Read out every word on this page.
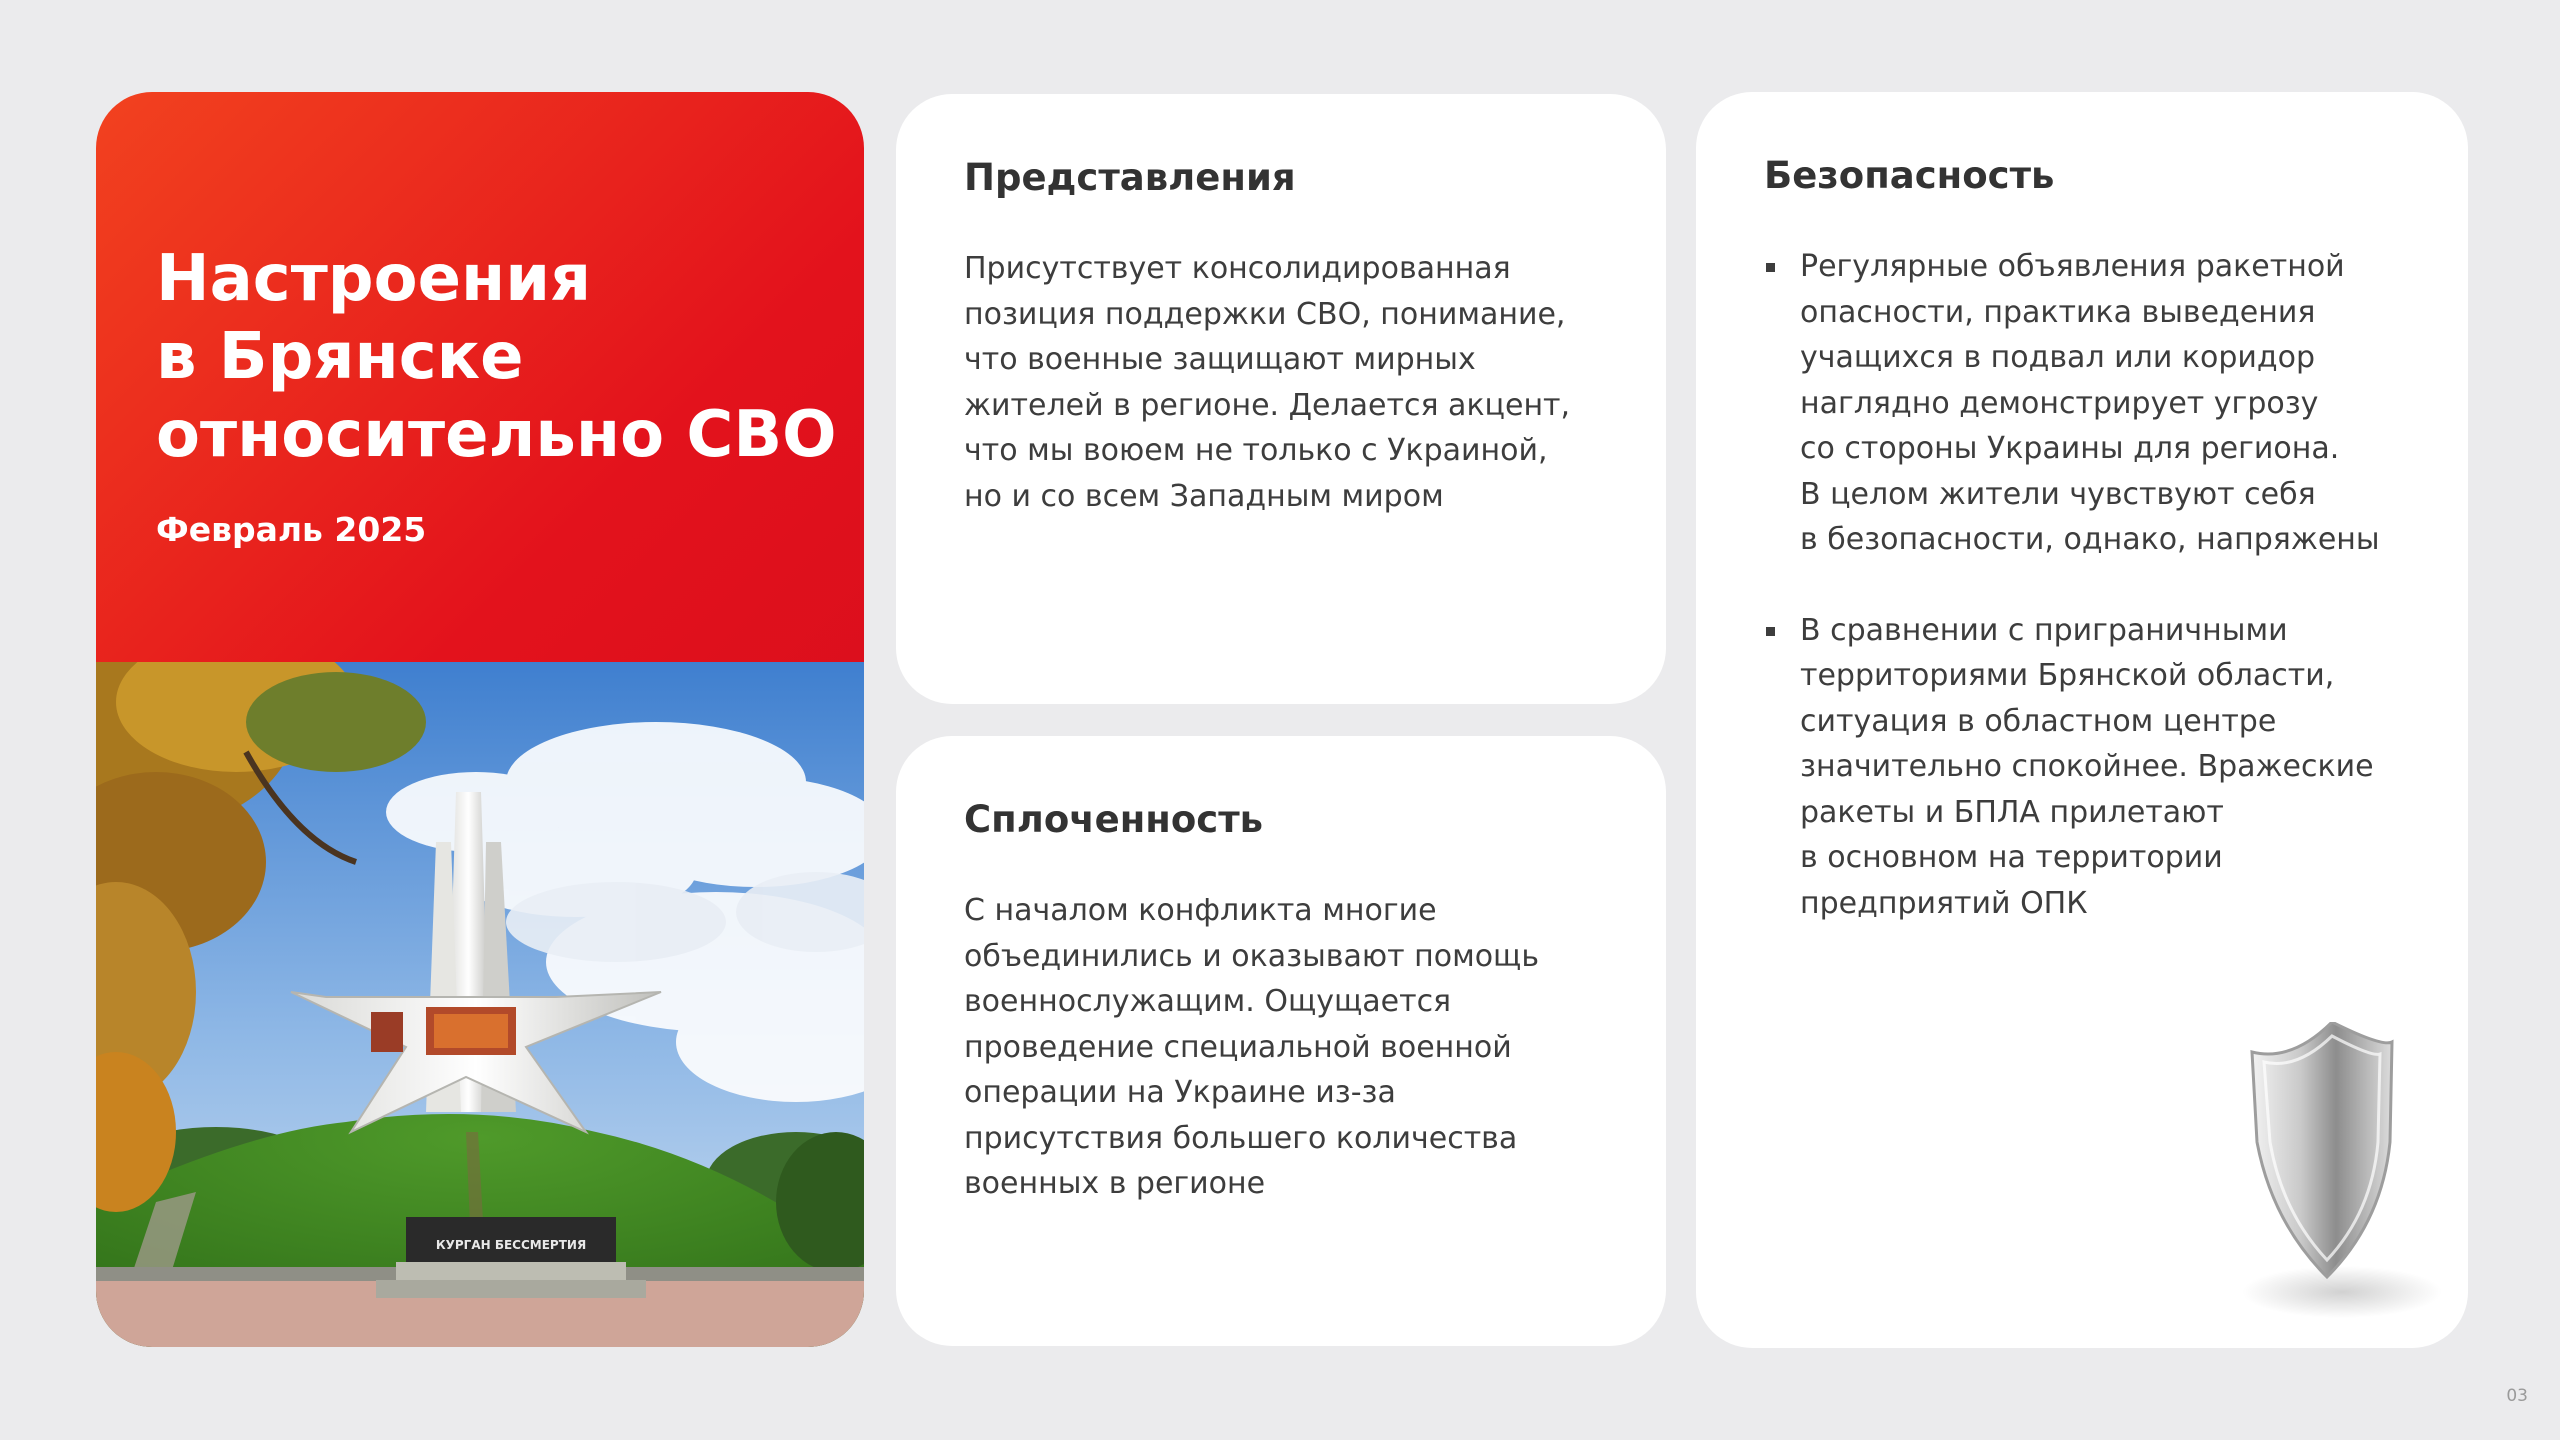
Настроения
в Брянске
относительно СВО
Февраль 2025
КУРГАН БЕССМЕРТИЯ
Представления
Присутствует консолидированная
позиция поддержки СВО, понимание,
что военные защищают мирных
жителей в регионе. Делается акцент,
что мы воюем не только с Украиной,
но и со всем Западным миром
Сплоченность
С началом конфликта многие
объединились и оказывают помощь
военнослужащим. Ощущается
проведение специальной военной
операции на Украине из-за
присутствия большего количества
военных в регионе
Безопасность
Регулярные объявления ракетной
опасности, практика выведения
учащихся в подвал или коридор
наглядно демонстрирует угрозу
со стороны Украины для региона.
В целом жители чувствуют себя
в безопасности, однако, напряжены
В сравнении с приграничными
территориями Брянской области,
ситуация в областном центре
значительно спокойнее. Вражеские
ракеты и БПЛА прилетают
в основном на территории
предприятий ОПК
03
